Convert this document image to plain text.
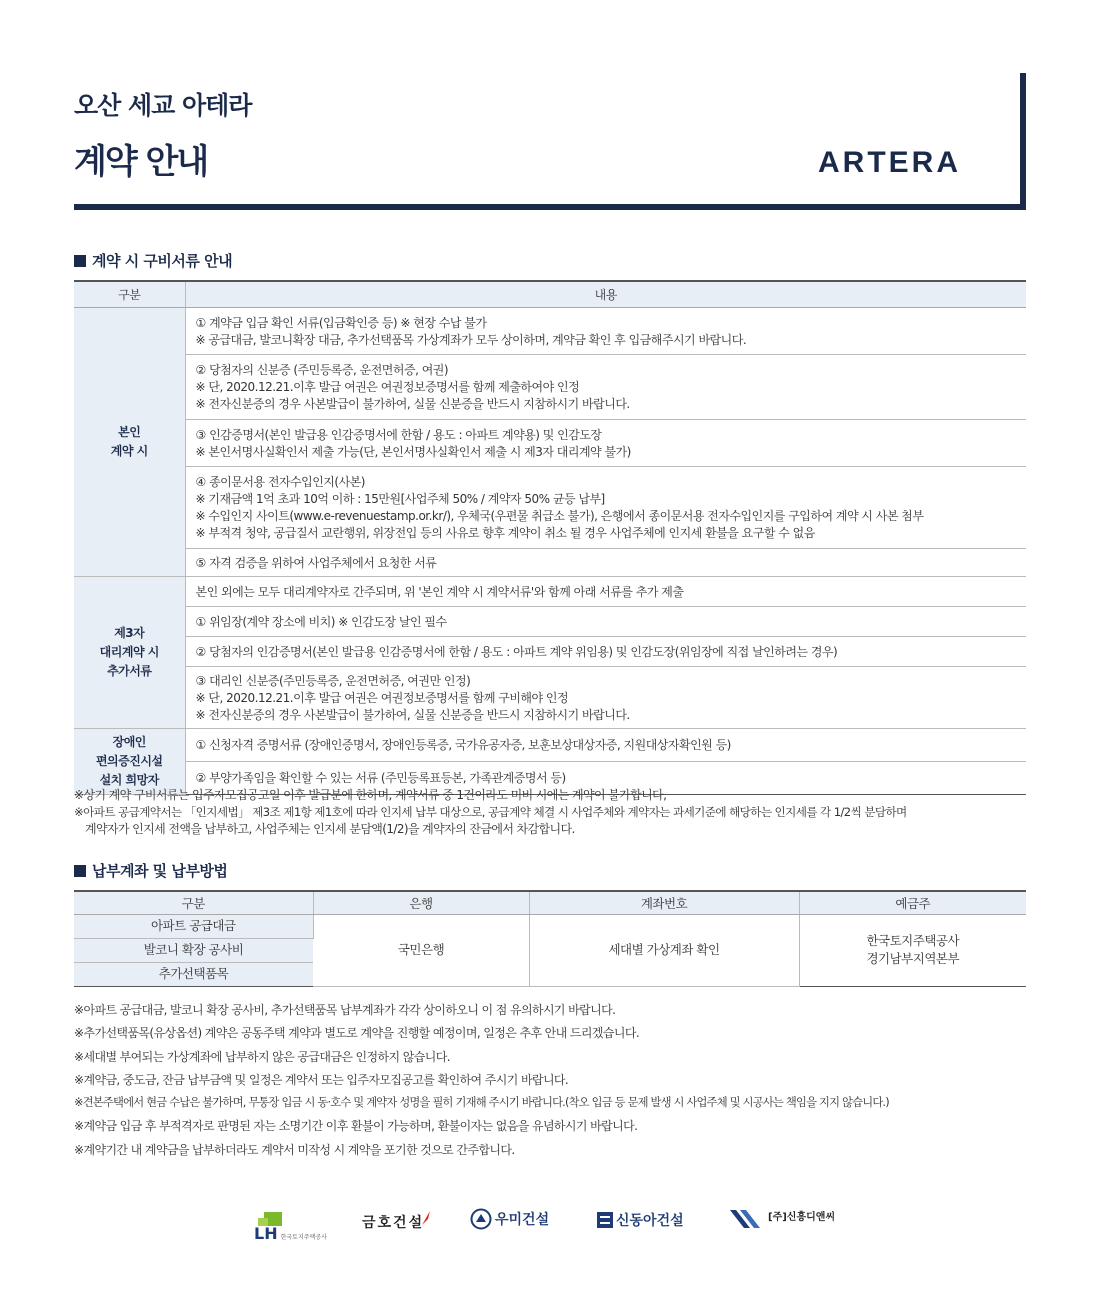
오산 세교 아테라
계약 안내	ARTERA
계약 시 구비서류 안내
구분	내용
본인
계약 시	① 계약금 입금 확인 서류(입금확인증 등) ※ 현장 수납 불가
※ 공급대금, 발코니확장 대금, 추가선택품목 가상계좌가 모두 상이하며, 계약금 확인 후 입금해주시기 바랍니다.

	② 당첨자의 신분증 (주민등록증, 운전면허증, 여권)
※ 단, 2020.12.21.이후 발급 여권은 여권정보증명서를 함께 제출하여야 인정
※ 전자신분증의 경우 사본발급이 불가하여, 실물 신분증을 반드시 지참하시기 바랍니다.

	③ 인감증명서(본인 발급용 인감증명서에 한함 / 용도 : 아파트 계약용) 및 인감도장
※ 본인서명사실확인서 제출 가능(단, 본인서명사실확인서 제출 시 제3자 대리계약 불가)

	④ 종이문서용 전자수입인지(사본)
※ 기재금액 1억 초과 10억 이하 : 15만원[사업주체 50% / 계약자 50% 균등 납부]
※ 수입인지 사이트(www.e-revenuestamp.or.kr/), 우체국(우편물 취급소 불가), 은행에서 종이문서용 전자수입인지를 구입하여 계약 시 사본 첨부
※ 부적격 청약, 공급질서 교란행위, 위장전입 등의 사유로 향후 계약이 취소 될 경우 사업주체에 인지세 환불을 요구할 수 없음

	⑤ 자격 검증을 위하여 사업주체에서 요청한 서류

제3자
대리계약 시
추가서류	본인 외에는 모두 대리계약자로 간주되며, 위 '본인 계약 시 계약서류'와 함께 아래 서류를 추가 제출

	① 위임장(계약 장소에 비치) ※ 인감도장 날인 필수

	② 당첨자의 인감증명서(본인 발급용 인감증명서에 한함 / 용도 : 아파트 계약 위임용) 및 인감도장(위임장에 직접 날인하려는 경우)

	③ 대리인 신분증(주민등록증, 운전면허증, 여권만 인정)
※ 단, 2020.12.21.이후 발급 여권은 여권정보증명서를 함께 구비해야 인정
※ 전자신분증의 경우 사본발급이 불가하여, 실물 신분증을 반드시 지참하시기 바랍니다.

장애인
편의증진시설
설치 희망자	① 신청자격 증명서류 (장애인증명서, 장애인등록증, 국가유공자증, 보훈보상대상자증, 지원대상자확인원 등)

	② 부양가족임을 확인할 수 있는 서류 (주민등록표등본, 가족관계증명서 등)
※상기 계약 구비서류는 입주자모집공고일 이후 발급분에 한하며, 계약서류 중 1건이라도 미비 시에는 계약이 불가합니다,
※아파트 공급계약서는 「인지세법」 제3조 제1항 제1호에 따라 인지세 납부 대상으로, 공급계약 체결 시 사업주체와 계약자는 과세기준에 해당하는 인지세를 각 1/2씩 분담하며
계약자가 인지세 전액을 납부하고, 사업주체는 인지세 분담액(1/2)을 계약자의 잔금에서 차감합니다.
납부계좌 및 납부방법
구분	은행	계좌번호	예금주
아파트 공급대금	국민은행	세대별 가상계좌 확인	한국토지주택공사
경기남부지역본부
발코니 확장 공사비			
추가선택품목			
※아파트 공급대금, 발코니 확장 공사비, 추가선택품목 납부계좌가 각각 상이하오니 이 점 유의하시기 바랍니다.
※추가선택품목(유상옵션) 계약은 공동주택 계약과 별도로 계약을 진행할 예정이며, 일정은 추후 안내 드리겠습니다.
※세대별 부여되는 가상계좌에 납부하지 않은 공급대금은 인정하지 않습니다.
※계약금, 중도금, 잔금 납부금액 및 일정은 계약서 또는 입주자모집공고를 확인하여 주시기 바랍니다.
※견본주택에서 현금 수납은 불가하며, 무통장 입금 시 동·호수 및 계약자 성명을 필히 기재해 주시기 바랍니다.(착오 입금 등 문제 발생 시 사업주체 및 시공사는 책임을 지지 않습니다.)
※계약금 입금 후 부적격자로 판명된 자는 소명기간 이후 환불이 가능하며, 환불이자는 없음을 유념하시기 바랍니다.
※계약기간 내 계약금을 납부하더라도 계약서 미작성 시 계약을 포기한 것으로 간주합니다.
LH 한국토지주택공사
금호건설	우미건설	신동아건설	[주]신흥디앤씨
